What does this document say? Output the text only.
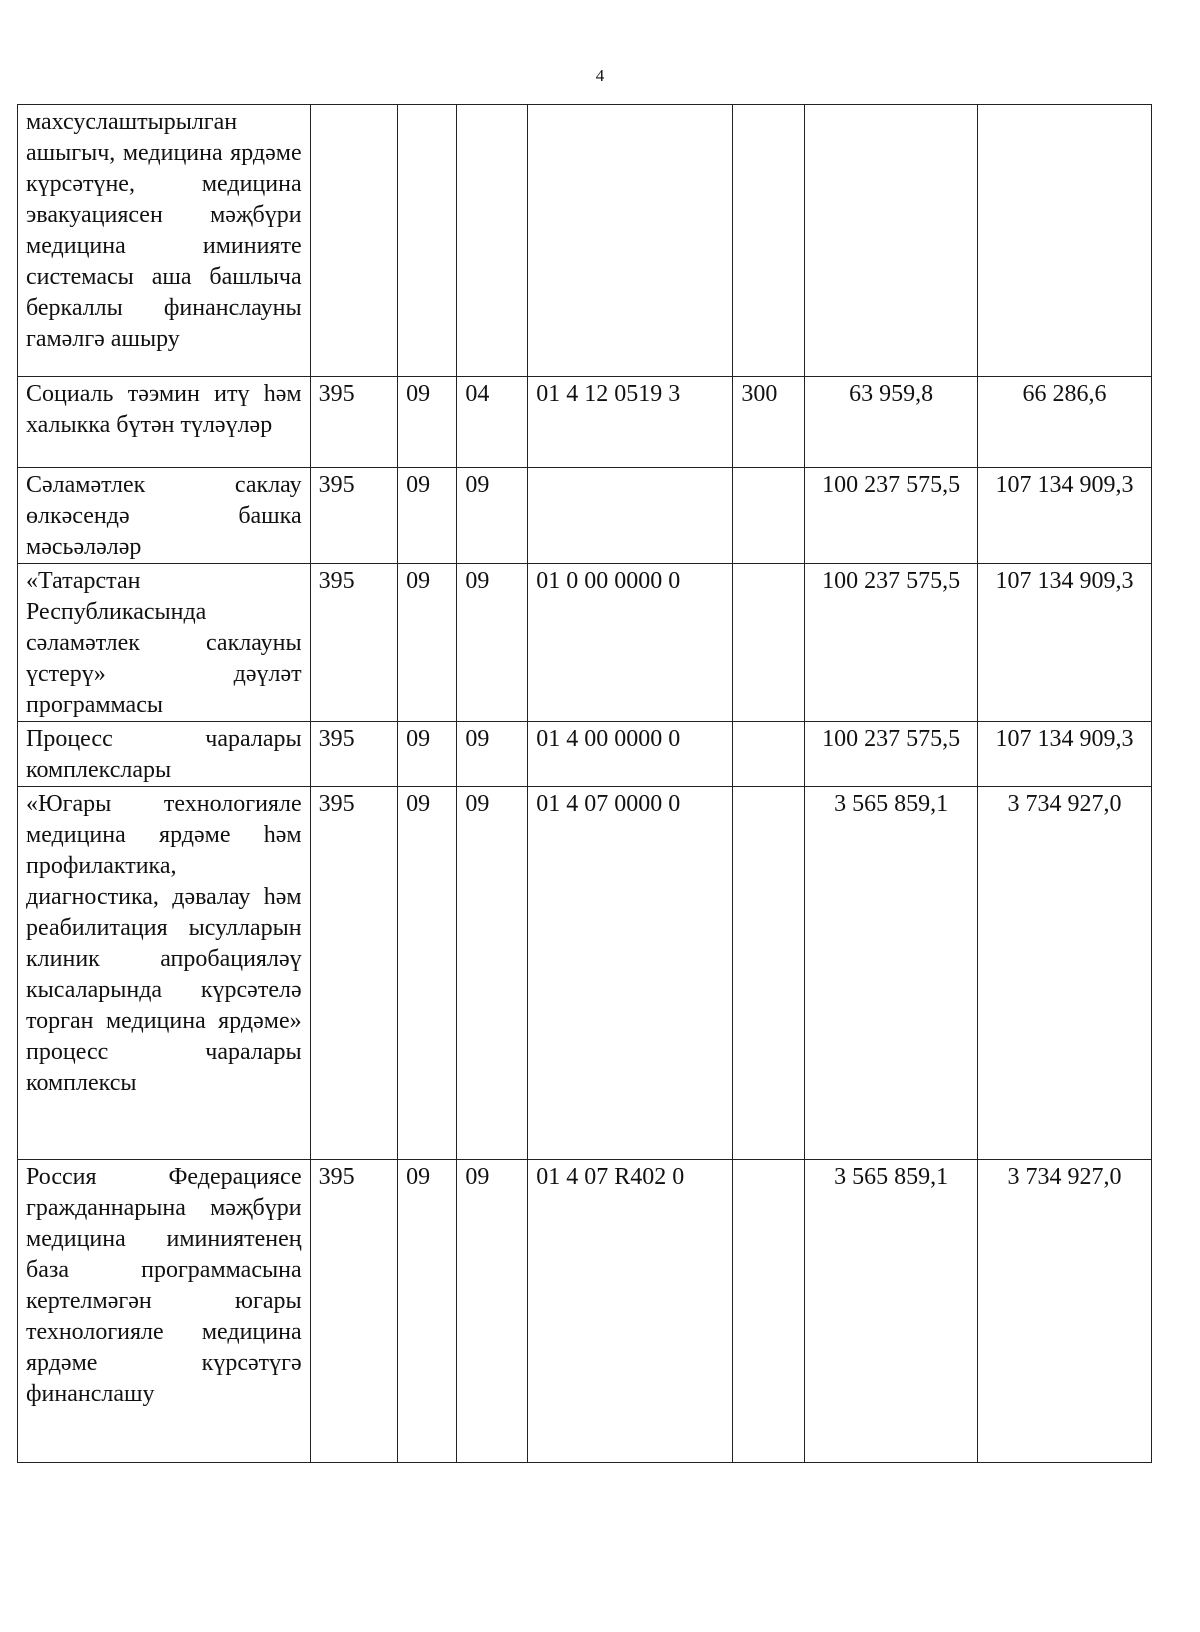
4
махсуслаштырылган ашыгыч, медицина ярдәме күрсәтүне, медицина эвакуациясен мәҗбүри медицина иминияте системасы аша башлыча беркаллы финанслауны гамәлгә ашыру							
Социаль тәэмин итү һәм халыкка бүтән түләүләр	395	09	04	01 4 12 0519 3	300	63 959,8	66 286,6
Сәламәтлек саклау өлкәсендә башка мәсьәләләр	395	09	09			100 237 575,5	107 134 909,3
«Татарстан Республикасында сәламәтлек саклауны үстерү» дәүләт программасы	395	09	09	01 0 00 0000 0		100 237 575,5	107 134 909,3
Процесс чаралары комплекслары	395	09	09	01 4 00 0000 0		100 237 575,5	107 134 909,3
«Югары технологияле медицина ярдәме һәм профилактика, диагностика, дәвалау һәм реабилитация ысулларын клиник апробацияләү кысаларында күрсәтелә торган медицина ярдәме» процесс чаралары комплексы	395	09	09	01 4 07 0000 0		3 565 859,1	3 734 927,0
Россия Федерациясе гражданнарына мәҗбүри медицина иминиятенең база программасына кертелмәгән югары технологияле медицина ярдәме күрсәтүгә финанслашу	395	09	09	01 4 07 R402 0		3 565 859,1	3 734 927,0
